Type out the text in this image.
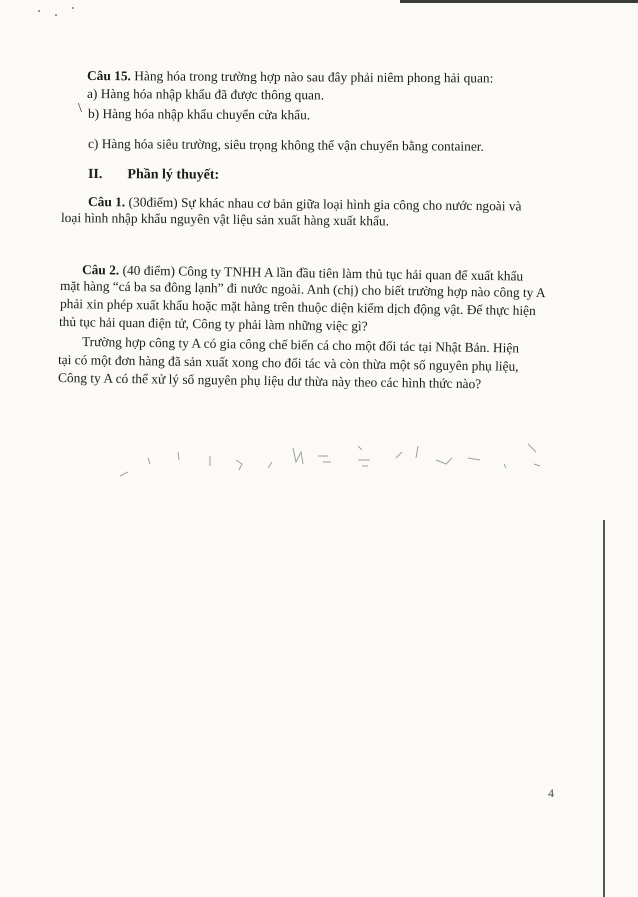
Câu 15. Hàng hóa trong trường hợp nào sau đây phải niêm phong hải quan:
a) Hàng hóa nhập khẩu đã được thông quan.
\ b) Hàng hóa nhập khẩu chuyển cửa khẩu.
c) Hàng hóa siêu trường, siêu trọng không thể vận chuyển bằng container.
II. Phần lý thuyết:
Câu 1. (30điểm) Sự khác nhau cơ bản giữa loại hình gia công cho nước ngoài và
loại hình nhập khẩu nguyên vật liệu sản xuất hàng xuất khẩu.
Câu 2. (40 điểm) Công ty TNHH A lần đầu tiên làm thủ tục hải quan để xuất khẩu
mặt hàng “cá ba sa đông lạnh” đi nước ngoài. Anh (chị) cho biết trường hợp nào công ty A
phải xin phép xuất khẩu hoặc mặt hàng trên thuộc diện kiểm dịch động vật. Để thực hiện
thủ tục hải quan điện tử, Công ty phải làm những việc gì?
Trường hợp công ty A có gia công chế biến cá cho một đối tác tại Nhật Bản. Hiện
tại có một đơn hàng đã sản xuất xong cho đối tác và còn thừa một số nguyên phụ liệu,
Công ty A có thể xử lý số nguyên phụ liệu dư thừa này theo các hình thức nào?
4
